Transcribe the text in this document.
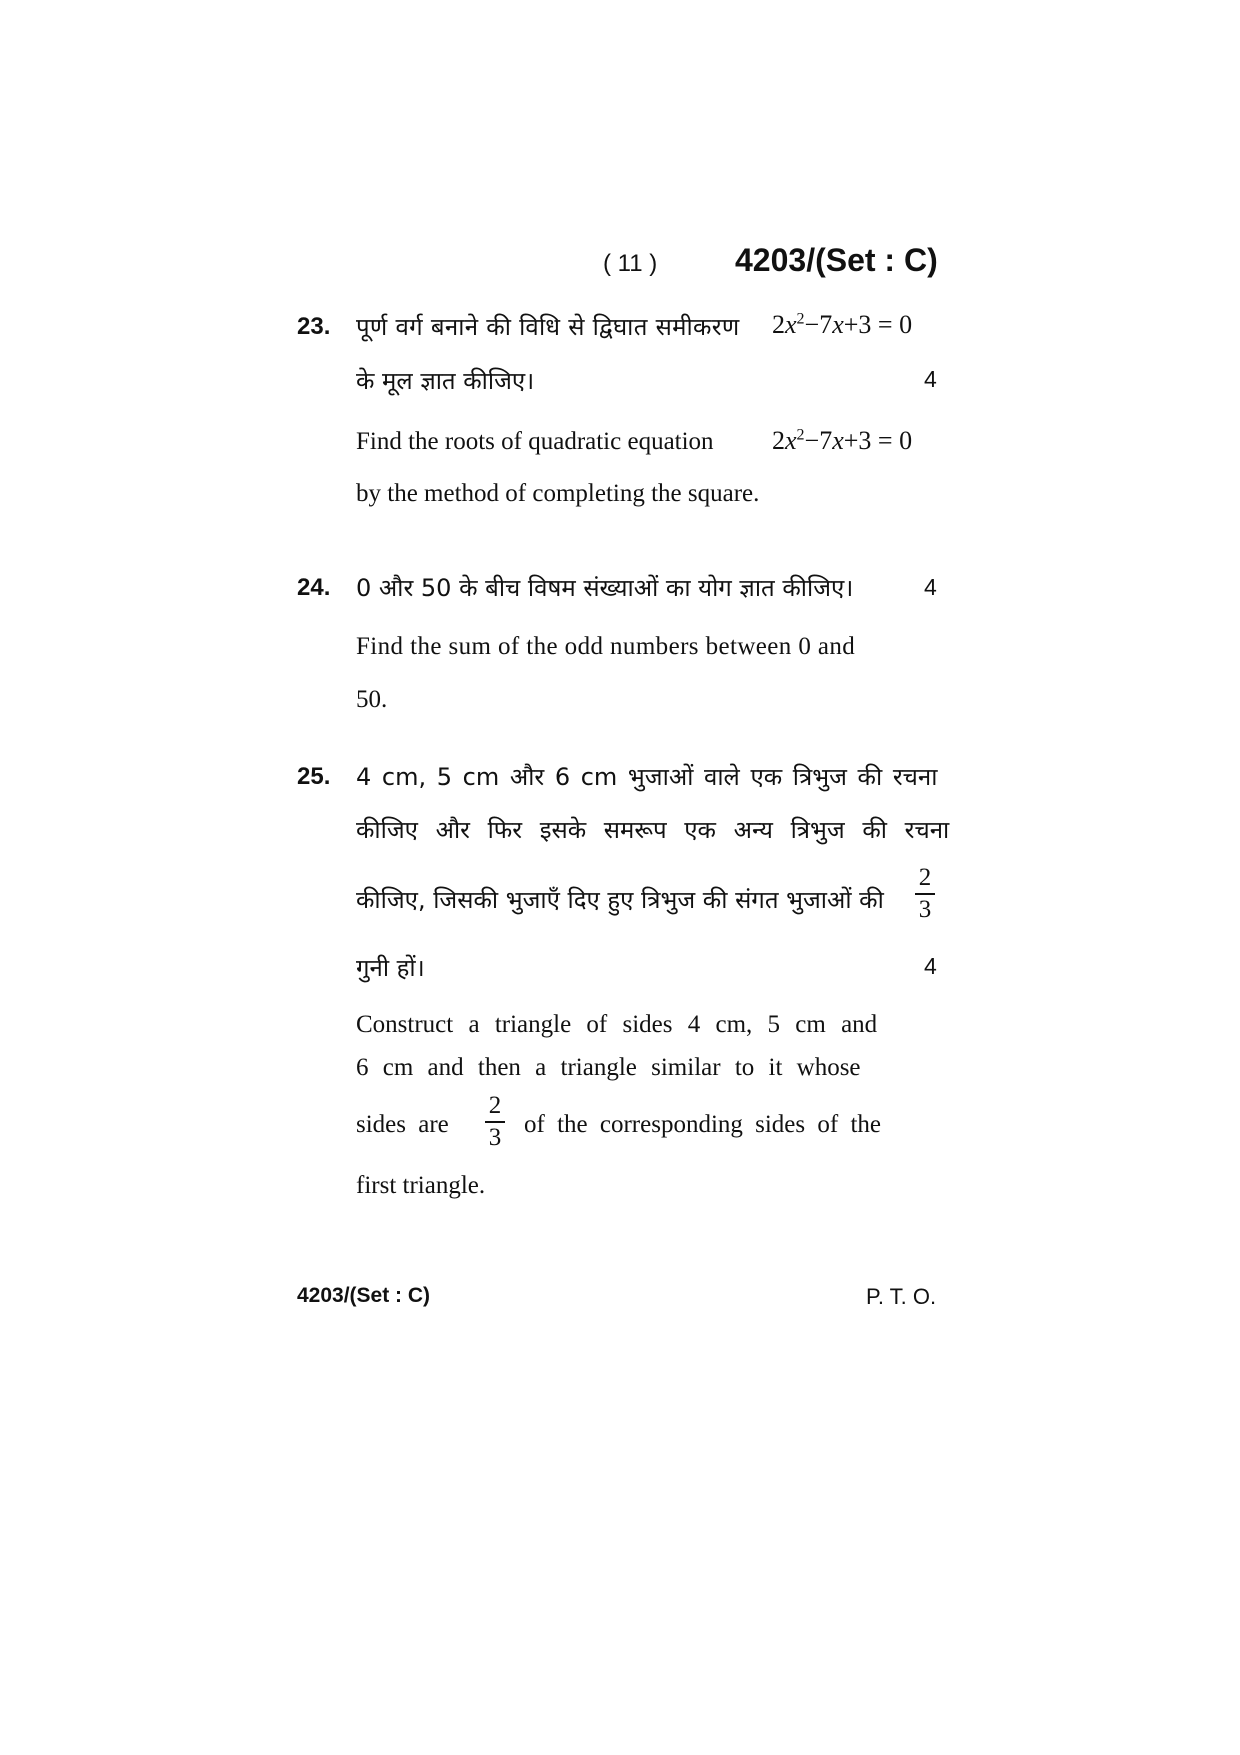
( 11 ) 4203/(Set : C)
23. पूर्ण वर्ग बनाने की विधि से द्विघात समीकरण	$2x^2-7x+3 = 0$
के मूल ज्ञात कीजिए।	4
Find the roots of quadratic equation $2x^2-7x+3 = 0$
by the method of completing the square.
24. 0 और 50 के बीच विषम संख्याओं का योग ज्ञात कीजिए।	4
Find the sum of the odd numbers between 0 and
50.
25. 4 cm, 5 cm और 6 cm भुजाओं वाले एक त्रिभुज की रचना
कीजिए और फिर इसके समरूप एक अन्य त्रिभुज की रचना
कीजिए, जिसकी भुजाएँ दिए हुए त्रिभुज की संगत भुजाओं की
2
3
गुनी हों।	4
Construct a triangle of sides 4 cm, 5 cm and
6 cm and then a triangle similar to it whose
sides are
2
3 of the corresponding sides of the
first triangle.
4203/(Set : C)	P. T. O.
